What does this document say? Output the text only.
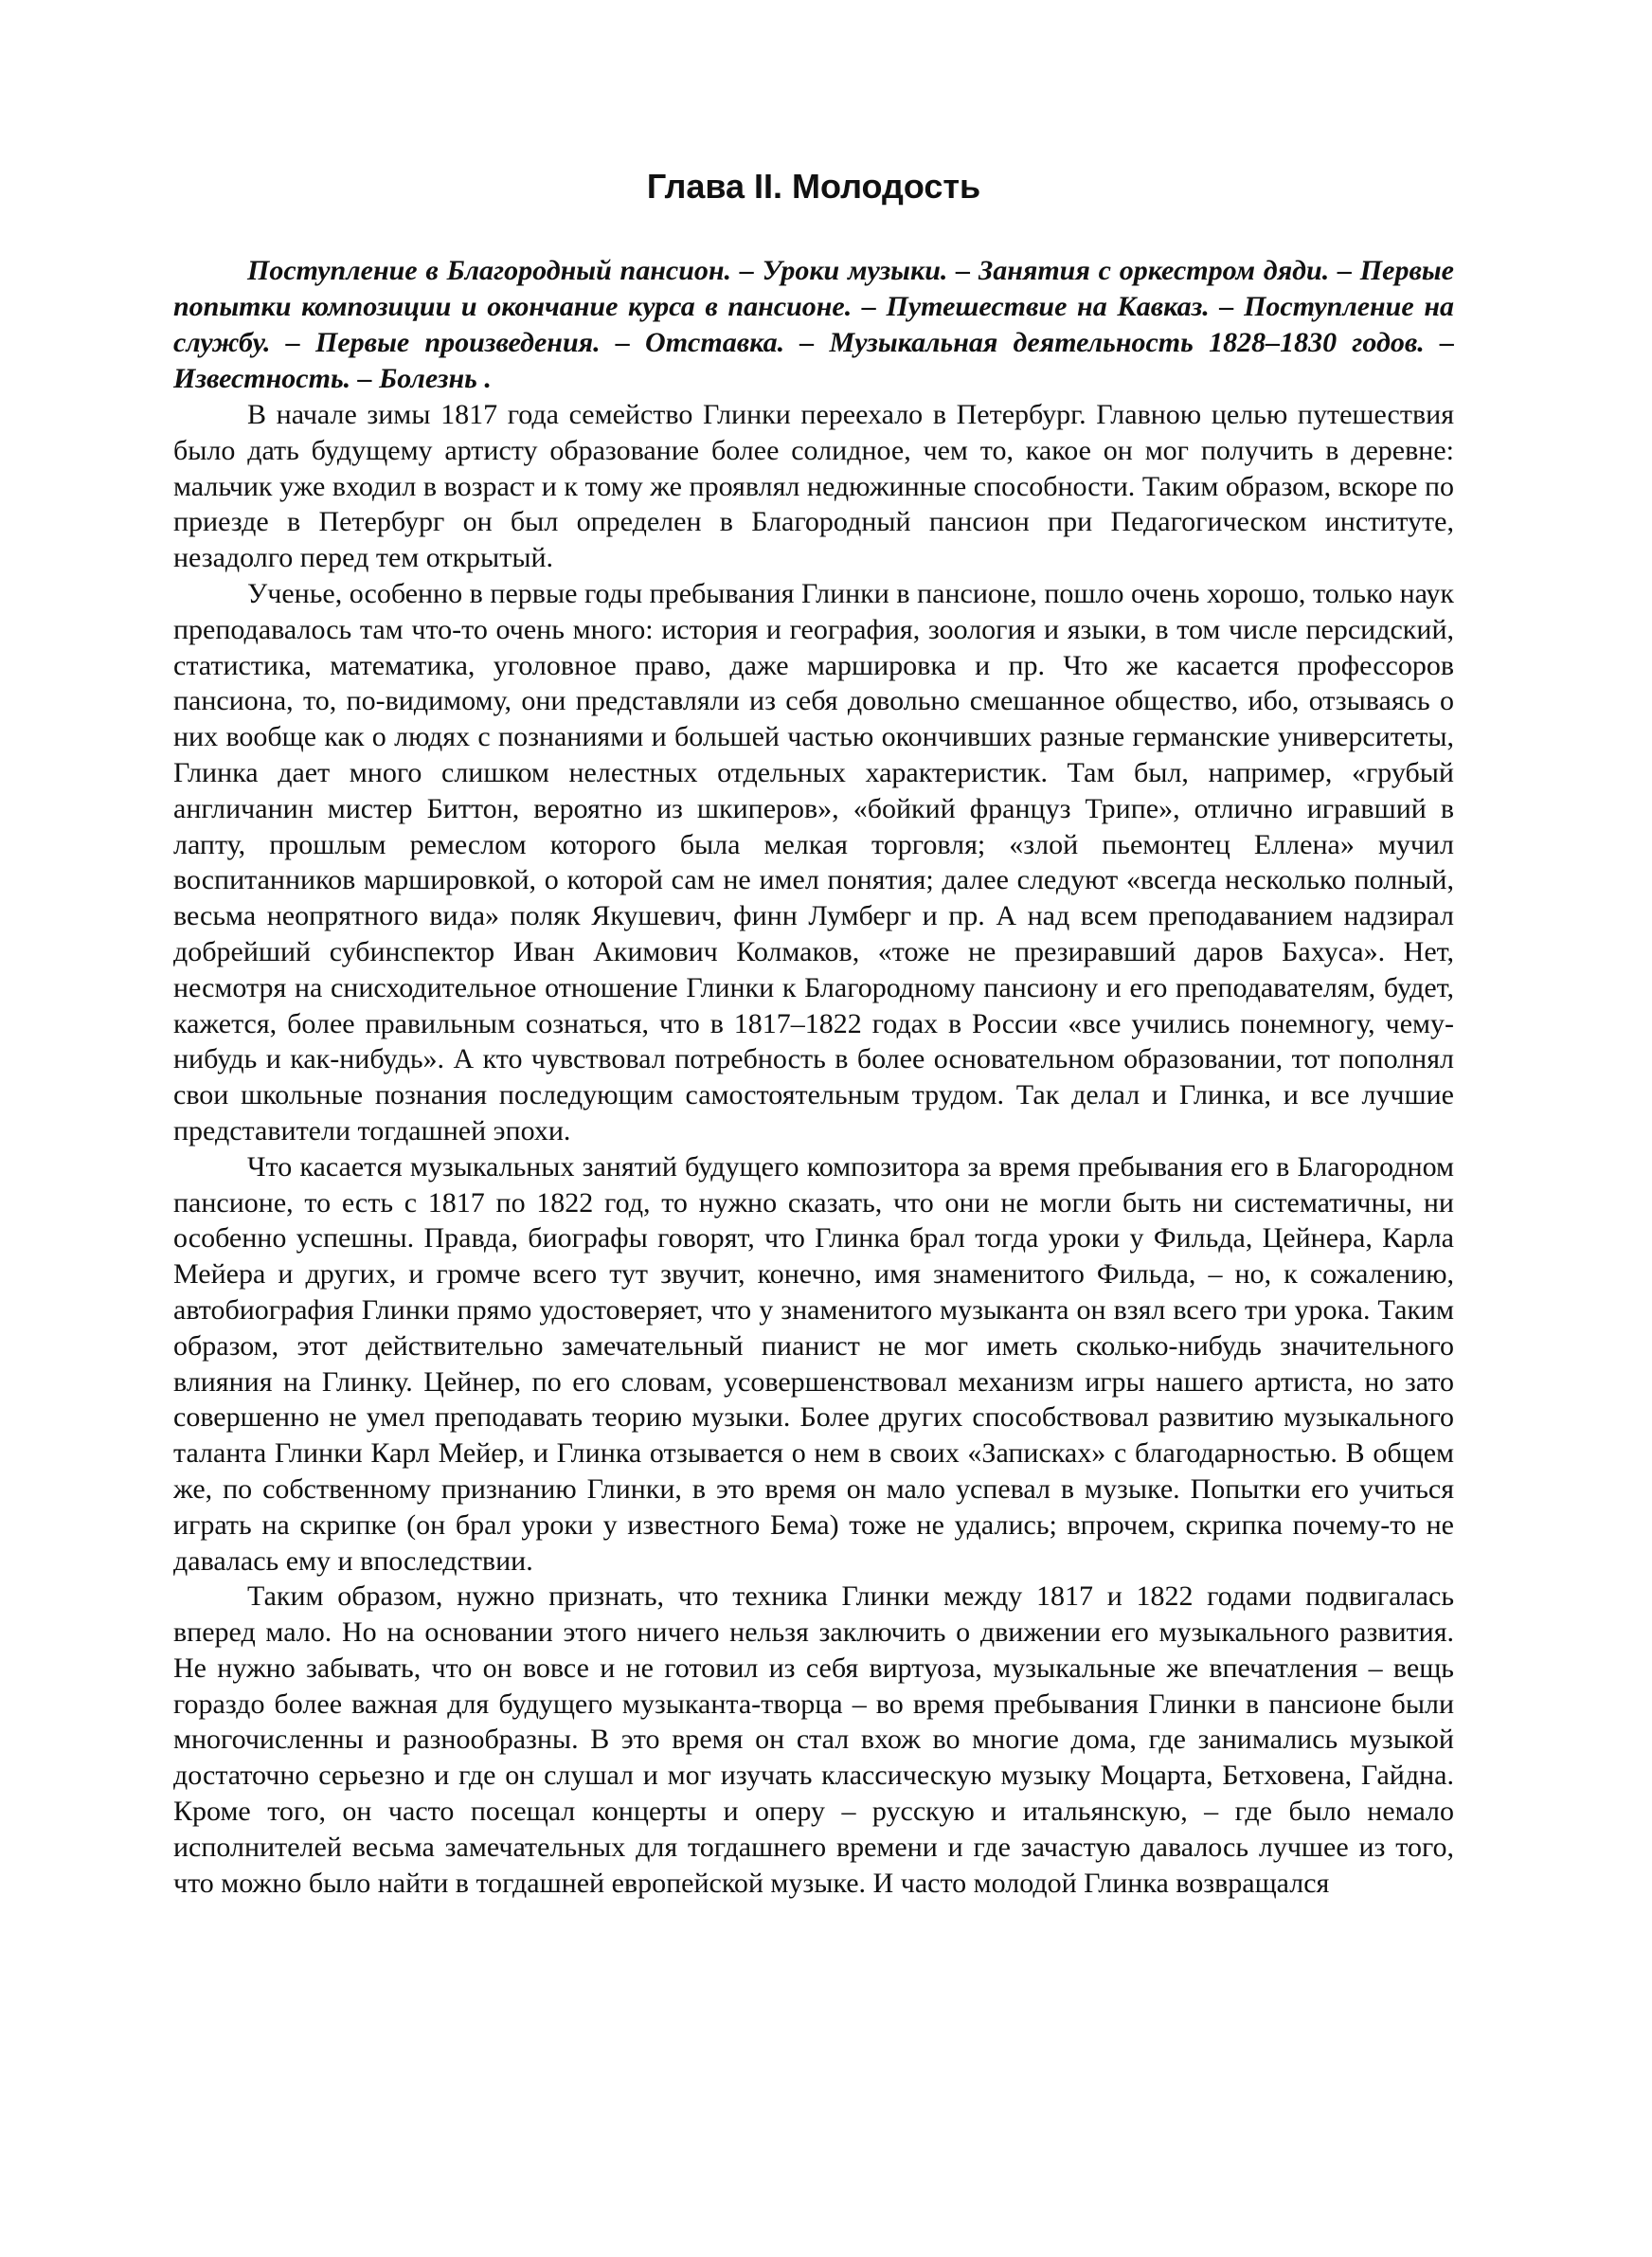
Глава II. Молодость

Поступление в Благородный пансион. – Уроки музыки. – Занятия с оркестром дяди. – Первые попытки композиции и окончание курса в пансионе. – Путешествие на Кавказ. – Поступление на службу. – Первые произведения. – Отставка. – Музыкальная деятельность 1828–1830 годов. – Известность. – Болезнь .

В начале зимы 1817 года семейство Глинки переехало в Петербург. Главною целью путешествия было дать будущему артисту образование более солидное, чем то, какое он мог получить в деревне: мальчик уже входил в возраст и к тому же проявлял недюжинные способности. Таким образом, вскоре по приезде в Петербург он был определен в Благородный пансион при Педагогическом институте, незадолго перед тем открытый.

Ученье, особенно в первые годы пребывания Глинки в пансионе, пошло очень хорошо, только наук преподавалось там что-то очень много: история и география, зоология и языки, в том числе персидский, статистика, математика, уголовное право, даже маршировка и пр. Что же касается профессоров пансиона, то, по-видимому, они представляли из себя довольно смешанное общество, ибо, отзываясь о них вообще как о людях с познаниями и большей частью окончивших разные германские университеты, Глинка дает много слишком нелестных отдельных характеристик. Там был, например, «грубый англичанин мистер Биттон, вероятно из шкиперов», «бойкий француз Трипе», отлично игравший в лапту, прошлым ремеслом которого была мелкая торговля; «злой пьемонтец Еллена» мучил воспитанников маршировкой, о которой сам не имел понятия; далее следуют «всегда несколько полный, весьма неопрятного вида» поляк Якушевич, финн Лумберг и пр. А над всем преподаванием надзирал добрейший субинспектор Иван Акимович Колмаков, «тоже не презиравший даров Бахуса». Нет, несмотря на снисходительное отношение Глинки к Благородному пансиону и его преподавателям, будет, кажется, более правильным сознаться, что в 1817–1822 годах в России «все учились понемногу, чему-нибудь и как-нибудь». А кто чувствовал потребность в более основательном образовании, тот пополнял свои школьные познания последующим самостоятельным трудом. Так делал и Глинка, и все лучшие представители тогдашней эпохи.

Что касается музыкальных занятий будущего композитора за время пребывания его в Благородном пансионе, то есть с 1817 по 1822 год, то нужно сказать, что они не могли быть ни систематичны, ни особенно успешны. Правда, биографы говорят, что Глинка брал тогда уроки у Фильда, Цейнера, Карла Мейера и других, и громче всего тут звучит, конечно, имя знаменитого Фильда, – но, к сожалению, автобиография Глинки прямо удостоверяет, что у знаменитого музыканта он взял всего три урока. Таким образом, этот действительно замечательный пианист не мог иметь сколько-нибудь значительного влияния на Глинку. Цейнер, по его словам, усовершенствовал механизм игры нашего артиста, но зато совершенно не умел преподавать теорию музыки. Более других способствовал развитию музыкального таланта Глинки Карл Мейер, и Глинка отзывается о нем в своих «Записках» с благодарностью. В общем же, по собственному признанию Глинки, в это время он мало успевал в музыке. Попытки его учиться играть на скрипке (он брал уроки у известного Бема) тоже не удались; впрочем, скрипка почему-то не давалась ему и впоследствии.

Таким образом, нужно признать, что техника Глинки между 1817 и 1822 годами подвигалась вперед мало. Но на основании этого ничего нельзя заключить о движении его музыкального развития. Не нужно забывать, что он вовсе и не готовил из себя виртуоза, музыкальные же впечатления – вещь гораздо более важная для будущего музыканта-творца – во время пребывания Глинки в пансионе были многочисленны и разнообразны. В это время он стал вхож во многие дома, где занимались музыкой достаточно серьезно и где он слушал и мог изучать классическую музыку Моцарта, Бетховена, Гайдна. Кроме того, он часто посещал концерты и оперу – русскую и итальянскую, – где было немало исполнителей весьма замечательных для тогдашнего времени и где зачастую давалось лучшее из того, что можно было найти в тогдашней европейской музыке. И часто молодой Глинка возвращался
